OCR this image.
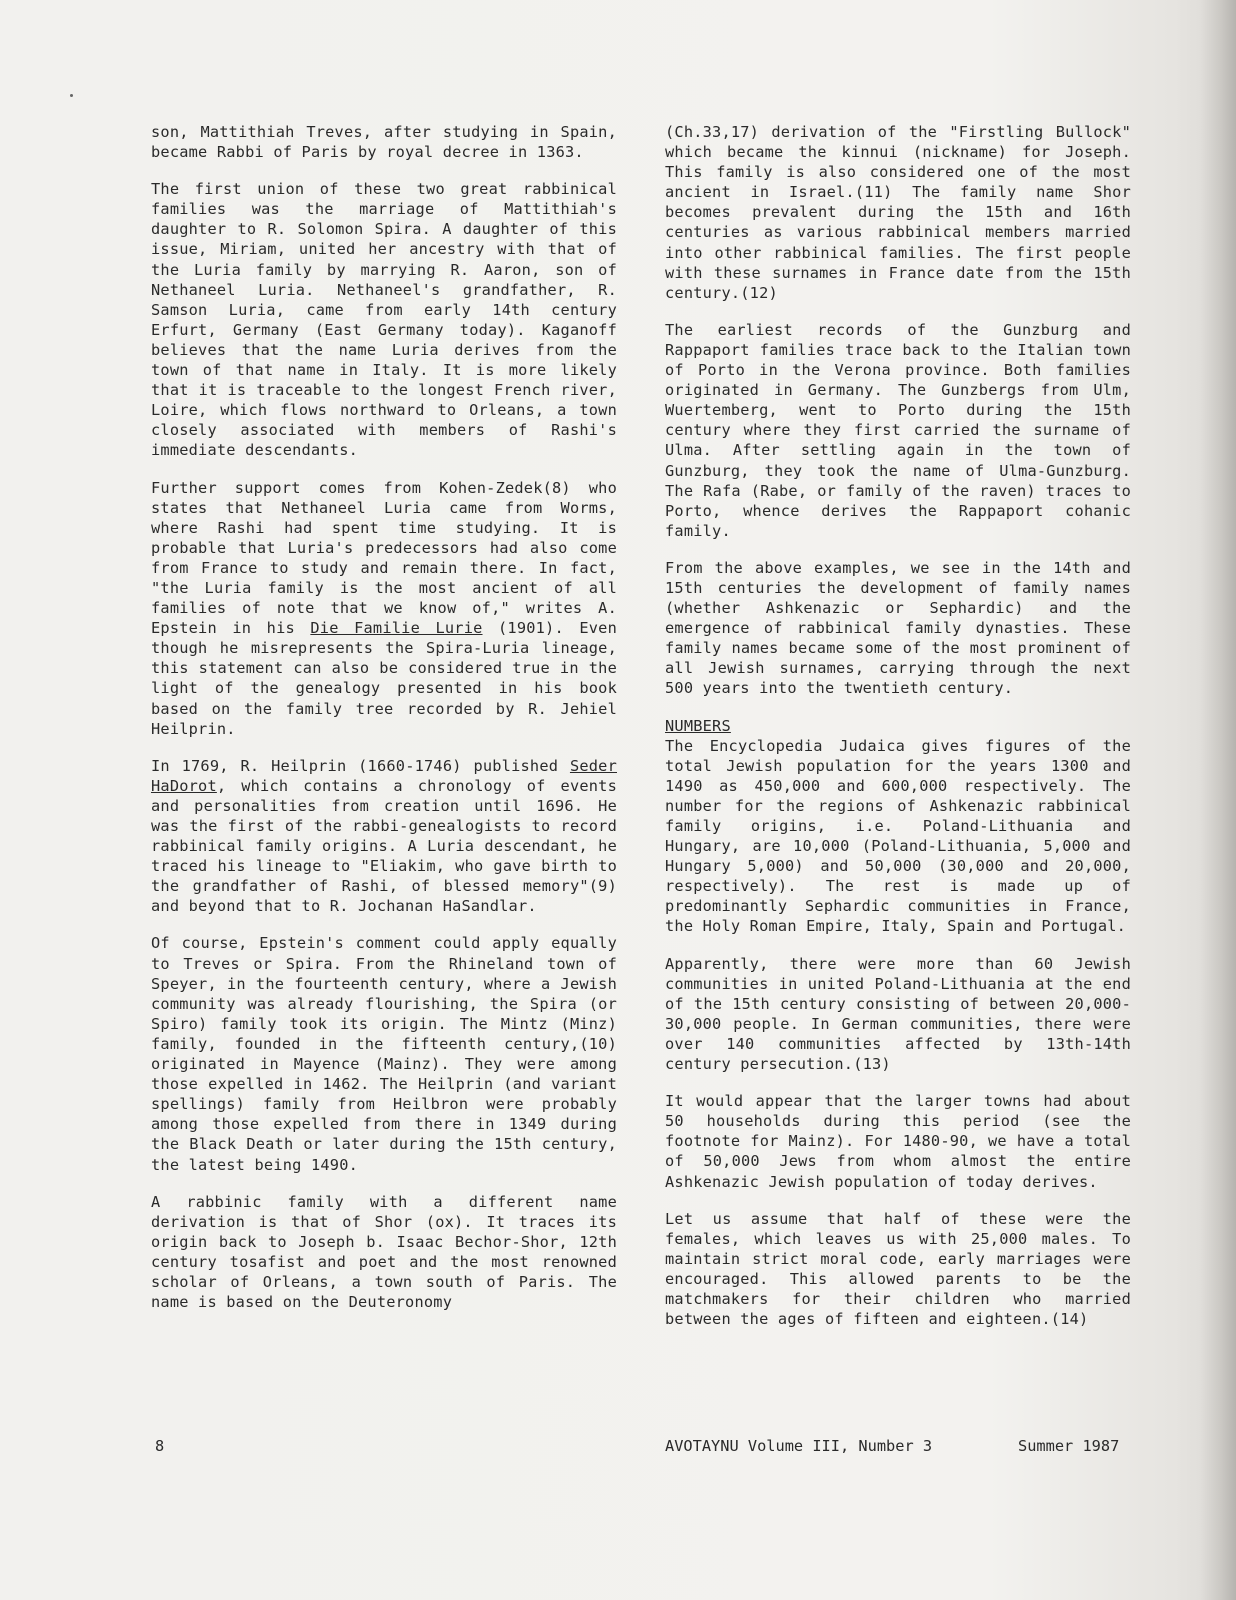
son, Mattithiah Treves, after studying in Spain, became Rabbi of Paris by royal decree in 1363.

The first union of these two great rabbinical families was the marriage of Mattithiah's daughter to R. Solomon Spira. A daughter of this issue, Miriam, united her ancestry with that of the Luria family by marrying R. Aaron, son of Nethaneel Luria. Nethaneel's grandfather, R. Samson Luria, came from early 14th century Erfurt, Germany (East Germany today). Kaganoff believes that the name Luria derives from the town of that name in Italy. It is more likely that it is traceable to the longest French river, Loire, which flows northward to Orleans, a town closely associated with members of Rashi's immediate descendants.

Further support comes from Kohen-Zedek(8) who states that Nethaneel Luria came from Worms, where Rashi had spent time studying. It is probable that Luria's predecessors had also come from France to study and remain there. In fact, "the Luria family is the most ancient of all families of note that we know of," writes A. Epstein in his Die Familie Lurie (1901). Even though he misrepresents the Spira-Luria lineage, this statement can also be considered true in the light of the genealogy presented in his book based on the family tree recorded by R. Jehiel Heilprin.

In 1769, R. Heilprin (1660-1746) published Seder HaDorot, which contains a chronology of events and personalities from creation until 1696. He was the first of the rabbi-genealogists to record rabbinical family origins. A Luria descendant, he traced his lineage to "Eliakim, who gave birth to the grandfather of Rashi, of blessed memory"(9) and beyond that to R. Jochanan HaSandlar.

Of course, Epstein's comment could apply equally to Treves or Spira. From the Rhineland town of Speyer, in the fourteenth century, where a Jewish community was already flourishing, the Spira (or Spiro) family took its origin. The Mintz (Minz) family, founded in the fifteenth century,(10) originated in Mayence (Mainz). They were among those expelled in 1462. The Heilprin (and variant spellings) family from Heilbron were probably among those expelled from there in 1349 during the Black Death or later during the 15th century, the latest being 1490.

A rabbinic family with a different name derivation is that of Shor (ox). It traces its origin back to Joseph b. Isaac Bechor-Shor, 12th century tosafist and poet and the most renowned scholar of Orleans, a town south of Paris. The name is based on the Deuteronomy

(Ch.33,17) derivation of the "Firstling Bullock" which became the kinnui (nickname) for Joseph. This family is also considered one of the most ancient in Israel.(11) The family name Shor becomes prevalent during the 15th and 16th centuries as various rabbinical members married into other rabbinical families. The first people with these surnames in France date from the 15th century.(12)

The earliest records of the Gunzburg and Rappaport families trace back to the Italian town of Porto in the Verona province. Both families originated in Germany. The Gunzbergs from Ulm, Wuertemberg, went to Porto during the 15th century where they first carried the surname of Ulma. After settling again in the town of Gunzburg, they took the name of Ulma-Gunzburg. The Rafa (Rabe, or family of the raven) traces to Porto, whence derives the Rappaport cohanic family.

From the above examples, we see in the 14th and 15th centuries the development of family names (whether Ashkenazic or Sephardic) and the emergence of rabbinical family dynasties. These family names became some of the most prominent of all Jewish surnames, carrying through the next 500 years into the twentieth century.

NUMBERS

The Encyclopedia Judaica gives figures of the total Jewish population for the years 1300 and 1490 as 450,000 and 600,000 respectively. The number for the regions of Ashkenazic rabbinical family origins, i.e. Poland-Lithuania and Hungary, are 10,000 (Poland-Lithuania, 5,000 and Hungary 5,000) and 50,000 (30,000 and 20,000, respectively). The rest is made up of predominantly Sephardic communities in France, the Holy Roman Empire, Italy, Spain and Portugal.

Apparently, there were more than 60 Jewish communities in united Poland-Lithuania at the end of the 15th century consisting of between 20,000-30,000 people. In German communities, there were over 140 communities affected by 13th-14th century persecution.(13)

It would appear that the larger towns had about 50 households during this period (see the footnote for Mainz). For 1480-90, we have a total of 50,000 Jews from whom almost the entire Ashkenazic Jewish population of today derives.

Let us assume that half of these were the females, which leaves us with 25,000 males. To maintain strict moral code, early marriages were encouraged. This allowed parents to be the matchmakers for their children who married between the ages of fifteen and eighteen.(14)

8	AVOTAYNU Volume III, Number 3	Summer 1987
